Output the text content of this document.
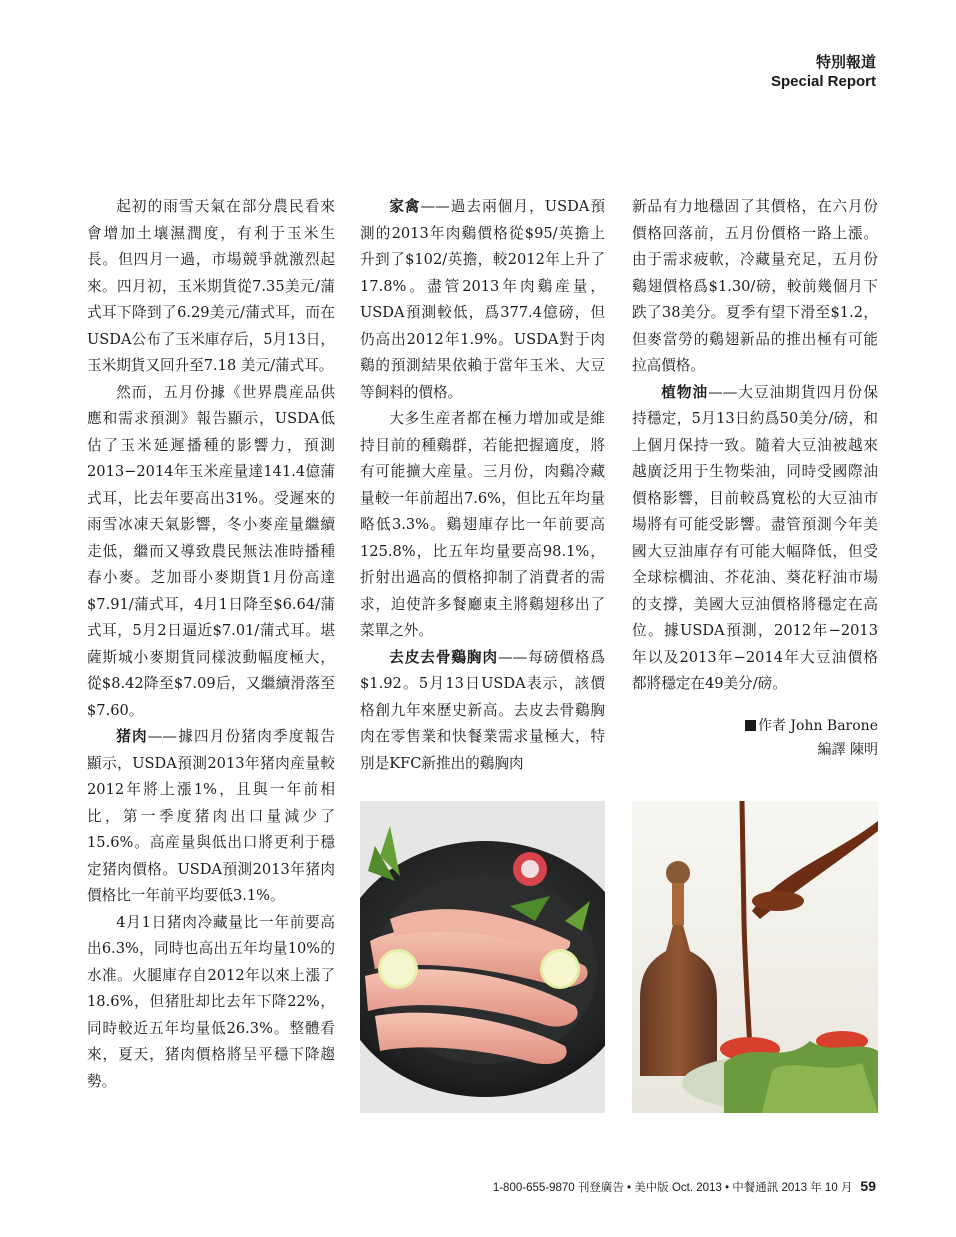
特別報道
Special Report

起初的雨雪天氣在部分農民看來會增加土壤濕潤度，有利于玉米生長。但四月一過，市場競爭就激烈起來。四月初，玉米期貨從7.35美元/蒲式耳下降到了6.29美元/蒲式耳，而在USDA公布了玉米庫存后，5月13日，玉米期貨又回升至7.18 美元/蒲式耳。

然而，五月份據《世界農産品供應和需求預測》報告顯示，USDA低估了玉米延遲播種的影響力，預測2013−2014年玉米産量達141.4億蒲式耳，比去年要高出31%。受遲來的雨雪冰凍天氣影響，冬小麥産量繼續走低，繼而又導致農民無法准時播種春小麥。芝加哥小麥期貨1月份高達$7.91/蒲式耳，4月1日降至$6.64/蒲式耳，5月2日逼近$7.01/蒲式耳。堪薩斯城小麥期貨同樣波動幅度極大，從$8.42降至$7.09后，又繼續滑落至$7.60。

猪肉——據四月份猪肉季度報告顯示，USDA預測2013年猪肉産量較2012年將上漲1%，且與一年前相比，第一季度猪肉出口量減少了15.6%。高産量與低出口將更利于穩定猪肉價格。USDA預測2013年猪肉價格比一年前平均要低3.1%。

4月1日猪肉冷藏量比一年前要高出6.3%，同時也高出五年均量10%的水准。火腿庫存自2012年以來上漲了18.6%，但猪肚却比去年下降22%，同時較近五年均量低26.3%。整體看來，夏天，猪肉價格將呈平穩下降趨勢。

家禽——過去兩個月，USDA預測的2013年肉鷄價格從$95/英擔上升到了$102/英擔，較2012年上升了17.8%。盡管2013年肉鷄産量，USDA預測較低，爲377.4億磅，但仍高出2012年1.9%。USDA對于肉鷄的預測結果依賴于當年玉米、大豆等飼料的價格。

大多生産者都在極力增加或是維持目前的種鷄群，若能把握適度，將有可能擴大産量。三月份，肉鷄冷藏量較一年前超出7.6%，但比五年均量略低3.3%。鷄翅庫存比一年前要高125.8%，比五年均量要高98.1%，折射出過高的價格抑制了消費者的需求，迫使許多餐廳東主將鷄翅移出了菜單之外。

去皮去骨鷄胸肉——每磅價格爲$1.92。5月13日USDA表示，該價格創九年來歷史新高。去皮去骨鷄胸肉在零售業和快餐業需求量極大，特別是KFC新推出的鷄胸肉

新品有力地穩固了其價格，在六月份價格回落前，五月份價格一路上漲。由于需求疲軟，冷藏量充足，五月份鷄翅價格爲$1.30/磅，較前幾個月下跌了38美分。夏季有望下滑至$1.2，但麥當勞的鷄翅新品的推出極有可能拉高價格。

植物油——大豆油期貨四月份保持穩定，5月13日約爲50美分/磅，和上個月保持一致。隨着大豆油被越來越廣泛用于生物柴油，同時受國際油價格影響，目前較爲寬松的大豆油市場將有可能受影響。盡管預測今年美國大豆油庫存有可能大幅降低，但受全球棕櫚油、芥花油、葵花籽油市場的支撐，美國大豆油價格將穩定在高位。據USDA預測，2012年−2013年以及2013年−2014年大豆油價格都將穩定在49美分/磅。

作者 John Barone
編譯 陳明
1-800-655-9870 刊登廣告 • 美中版 Oct. 2013 • 中餐通訊 2013 年 10 月 59
